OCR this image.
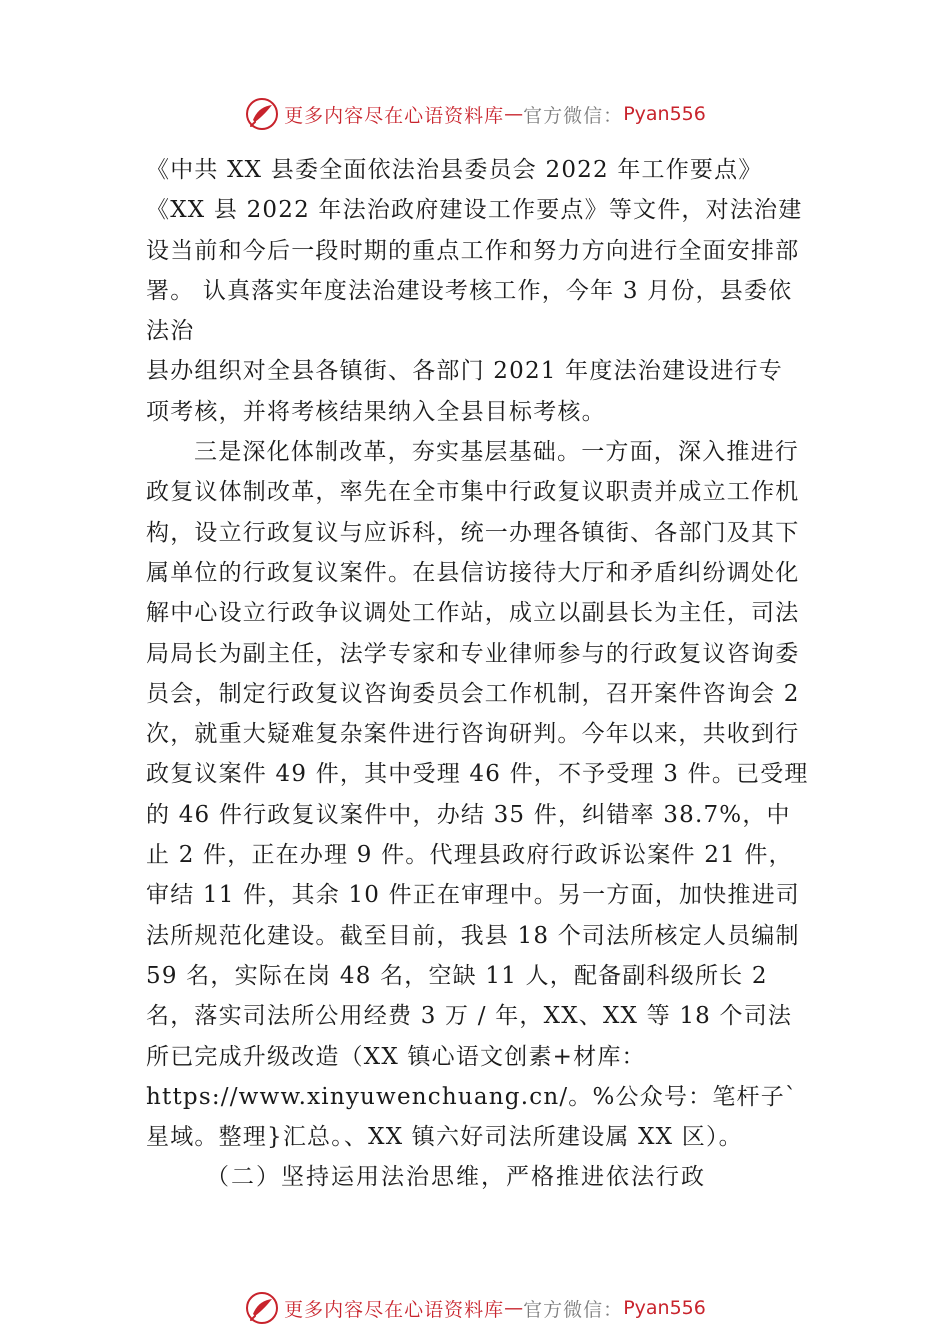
更多内容尽在心语资料库 — 官方微信： Pyan556

《中共 XX 县委全面依法治县委员会 2022 年工作要点》

《XX 县 2022 年法治政府建设工作要点》等文件，对法治建

设当前和今后一段时期的重点工作和努力方向进行全面安排部

署。 认真落实年度法治建设考核工作，今年 3 月份，县委依

法治

县办组织对全县各镇街、各部门 2021 年度法治建设进行专

项考核，并将考核结果纳入全县目标考核。

三是深化体制改革，夯实基层基础。一方面，深入推进行政复议体制改革，率先在全市集中行政复议职责并成立工作机构，设立行政复议与应诉科，统一办理各镇街、各部门及其下属单位的行政复议案件。在县信访接待大厅和矛盾纠纷调处化解中心设立行政争议调处工作站，成立以副县长为主任，司法局局长为副主任，法学专家和专业律师参与的行政复议咨询委员会，制定行政复议咨询委员会工作机制，召开案件咨询会 2 次，就重大疑难复杂案件进行咨询研判。今年以来，共收到行政复议案件 49 件，其中受理 46 件，不予受理 3 件。已受理的 46 件行政复议案件中，办结 35 件，纠错率 38.7%，中止 2 件，正在办理 9 件。代理县政府行政诉讼案件 21 件，审结 11 件，其余 10 件正在审理中。另一方面，加快推进司法所规范化建设。截至目前，我县 18 个司法所核定人员编制 59 名，实际在岗 48 名，空缺 11 人，配备副科级所长 2 名，落实司法所公用经费 3 万 / 年，XX、XX 等 18 个司法所已完成升级改造（XX 镇心语文创素+材库：https://www.xinyuwenchuang.cn/。%公众号：笔杆子`星域。整理}汇总。、XX 镇六好司法所建设属 XX 区）。

（二）坚持运用法治思维，严格推进依法行政

更多内容尽在心语资料库 — 官方微信： Pyan556
